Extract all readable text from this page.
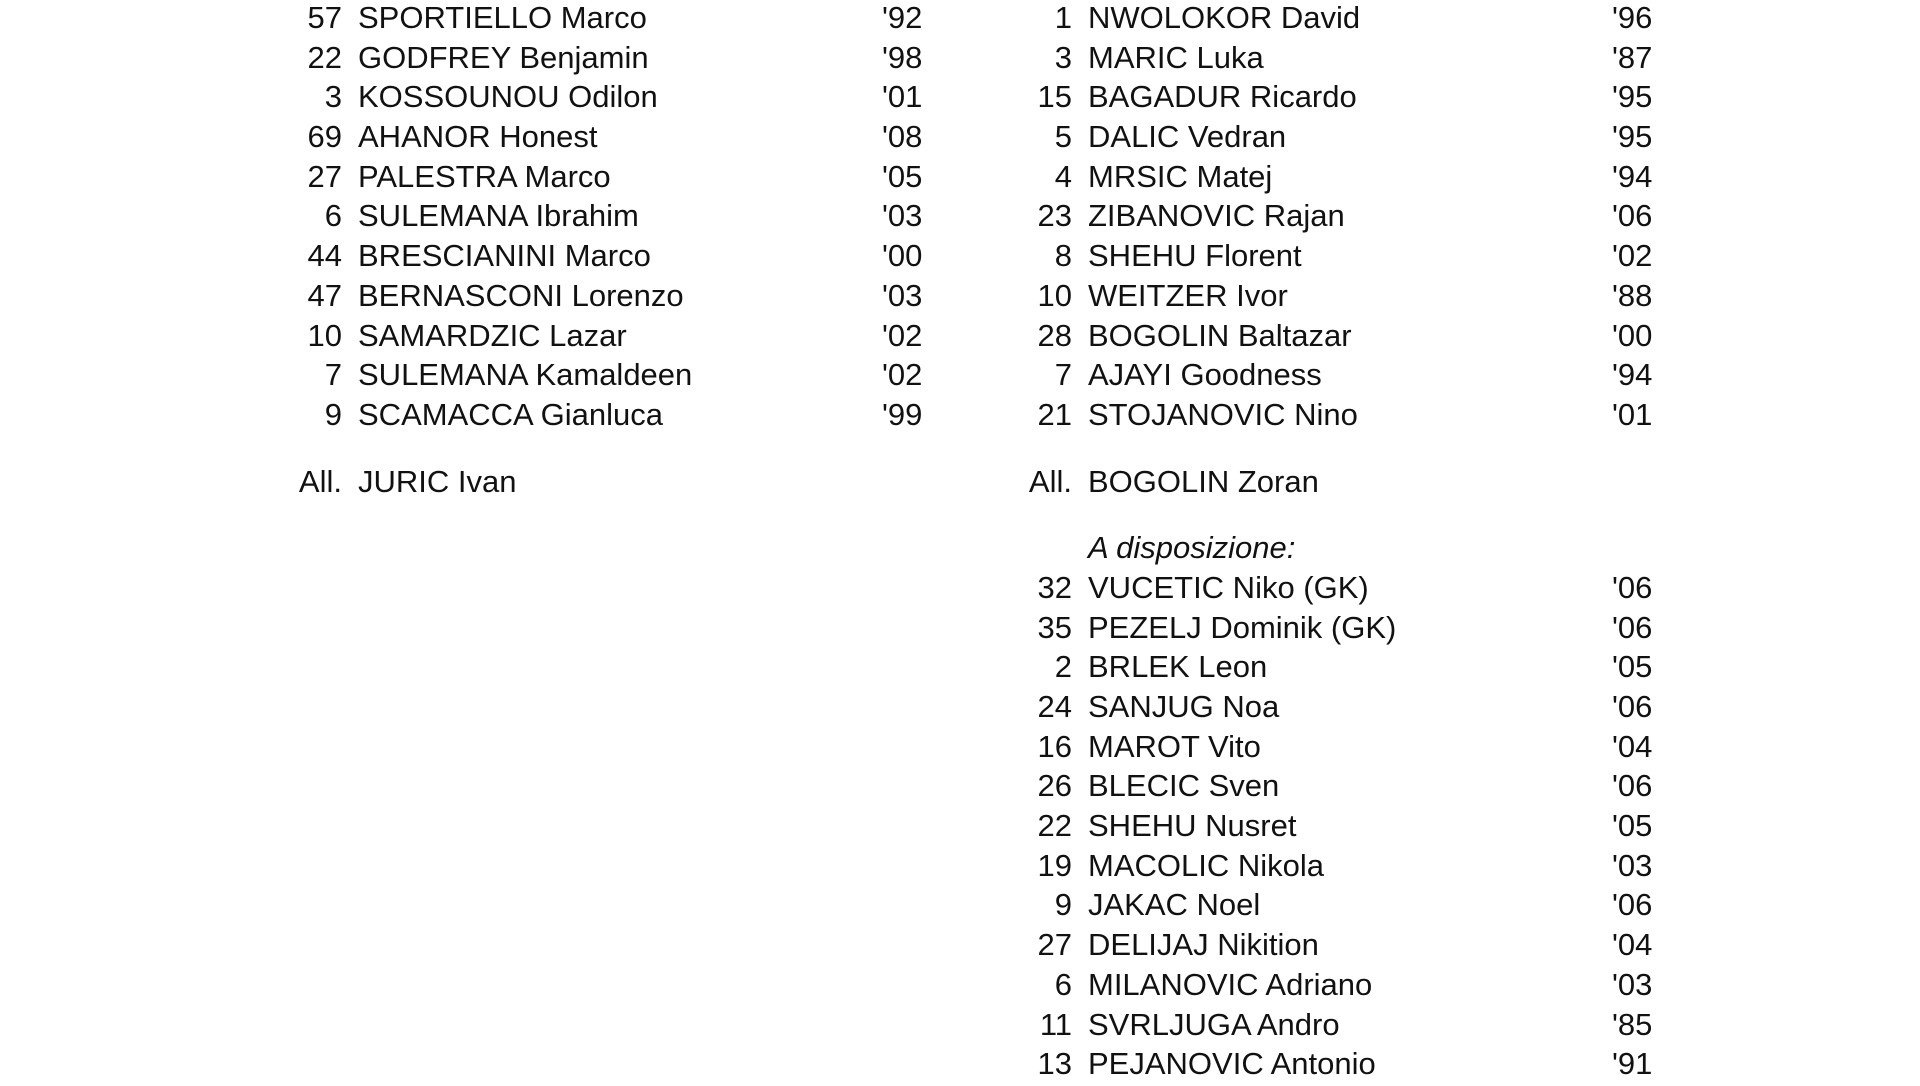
57 SPORTIELLO Marco	'92
22 GODFREY Benjamin	'98
3 KOSSOUNOU Odilon	'01
69 AHANOR Honest	'08
27 PALESTRA Marco	'05
6 SULEMANA Ibrahim	'03
44 BRESCIANINI Marco	'00
47 BERNASCONI Lorenzo	'03
10 SAMARDZIC Lazar	'02
7 SULEMANA Kamaldeen	'02
9 SCAMACCA Gianluca	'99
All. JURIC Ivan
1 NWOLOKOR David	'96
3 MARIC Luka	'87
15 BAGADUR Ricardo	'95
5 DALIC Vedran	'95
4 MRSIC Matej	'94
23 ZIBANOVIC Rajan	'06
8 SHEHU Florent	'02
10 WEITZER Ivor	'88
28 BOGOLIN Baltazar	'00
7 AJAYI Goodness	'94
21 STOJANOVIC Nino	'01
All. BOGOLIN Zoran
A disposizione:
32 VUCETIC Niko (GK)	'06
35 PEZELJ Dominik (GK)	'06
2 BRLEK Leon	'05
24 SANJUG Noa	'06
16 MAROT Vito	'04
26 BLECIC Sven	'06
22 SHEHU Nusret	'05
19 MACOLIC Nikola	'03
9 JAKAC Noel	'06
27 DELIJAJ Nikition	'04
6 MILANOVIC Adriano	'03
11 SVRLJUGA Andro	'85
13 PEJANOVIC Antonio	'91
